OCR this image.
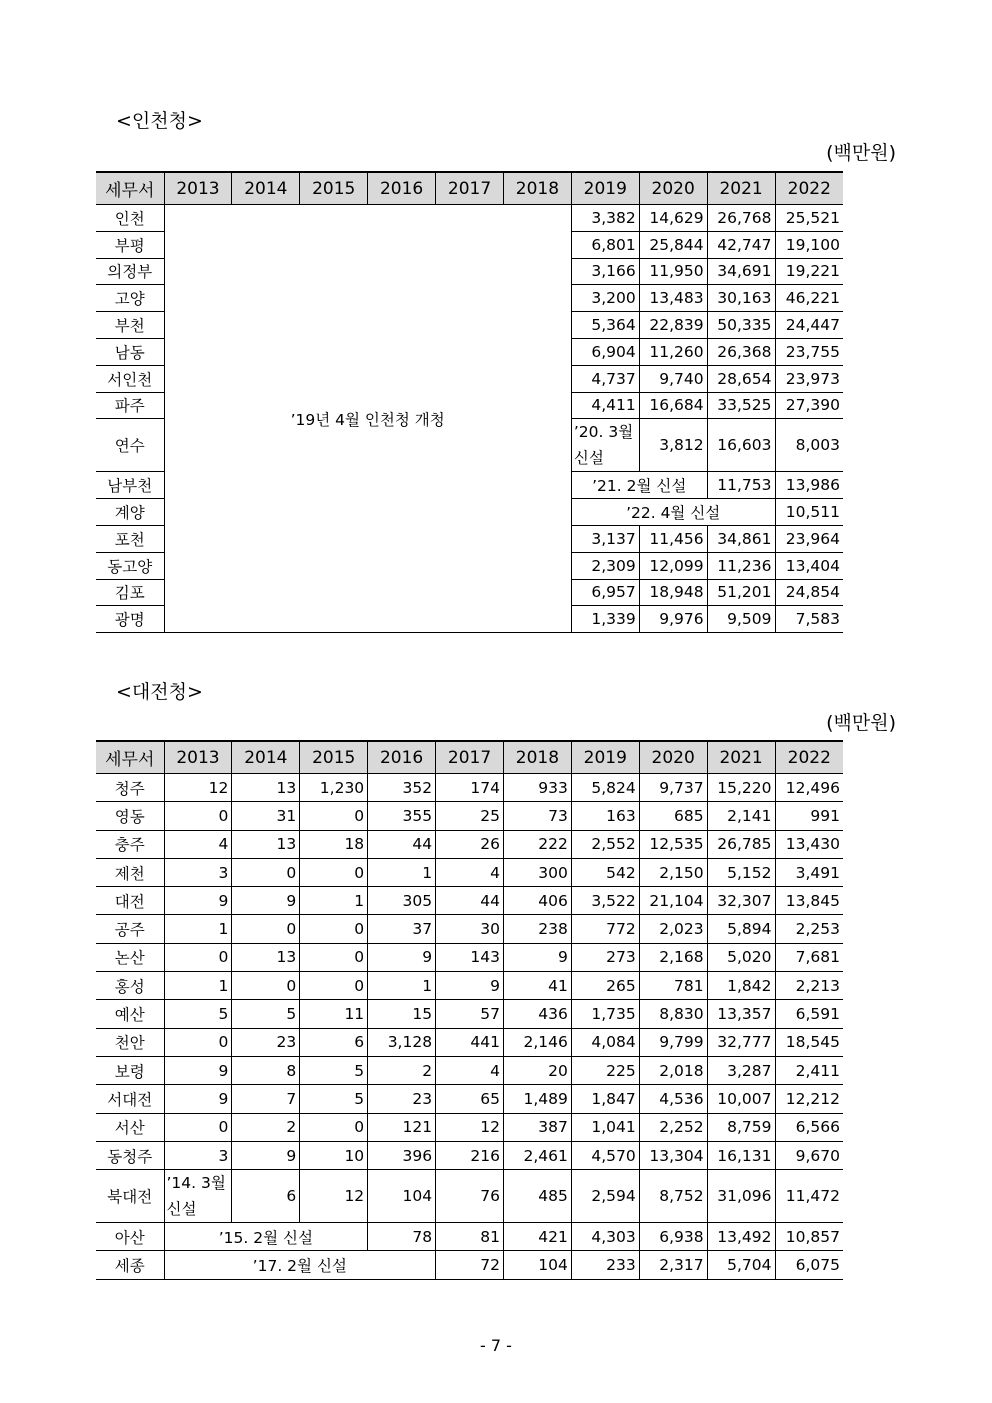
<인천청>
(백만원)
세무서	2013	2014	2015	2016	2017	2018	2019	2020	2021	2022
인천	’19년 4월 인천청 개청						3,382	14,629	26,768	25,521
부평							6,801	25,844	42,747	19,100
의정부							3,166	11,950	34,691	19,221
고양							3,200	13,483	30,163	46,221
부천							5,364	22,839	50,335	24,447
남동							6,904	11,260	26,368	23,755
서인천							4,737	9,740	28,654	23,973
파주							4,411	16,684	33,525	27,390
연수							’20. 3월 신설	3,812	16,603	8,003
남부천							’21. 2월 신설		11,753	13,986
계양							’22. 4월 신설			10,511
포천							3,137	11,456	34,861	23,964
동고양							2,309	12,099	11,236	13,404
김포							6,957	18,948	51,201	24,854
광명							1,339	9,976	9,509	7,583
<대전청>
(백만원)
세무서	2013	2014	2015	2016	2017	2018	2019	2020	2021	2022
청주	12	13	1,230	352	174	933	5,824	9,737	15,220	12,496
영동	0	31	0	355	25	73	163	685	2,141	991
충주	4	13	18	44	26	222	2,552	12,535	26,785	13,430
제천	3	0	0	1	4	300	542	2,150	5,152	3,491
대전	9	9	1	305	44	406	3,522	21,104	32,307	13,845
공주	1	0	0	37	30	238	772	2,023	5,894	2,253
논산	0	13	0	9	143	9	273	2,168	5,020	7,681
홍성	1	0	0	1	9	41	265	781	1,842	2,213
예산	5	5	11	15	57	436	1,735	8,830	13,357	6,591
천안	0	23	6	3,128	441	2,146	4,084	9,799	32,777	18,545
보령	9	8	5	2	4	20	225	2,018	3,287	2,411
서대전	9	7	5	23	65	1,489	1,847	4,536	10,007	12,212
서산	0	2	0	121	12	387	1,041	2,252	8,759	6,566
동청주	3	9	10	396	216	2,461	4,570	13,304	16,131	9,670
북대전	’14. 3월 신설	6	12	104	76	485	2,594	8,752	31,096	11,472
아산	’15. 2월 신설			78	81	421	4,303	6,938	13,492	10,857
세종	’17. 2월 신설				72	104	233	2,317	5,704	6,075
- 7 -
